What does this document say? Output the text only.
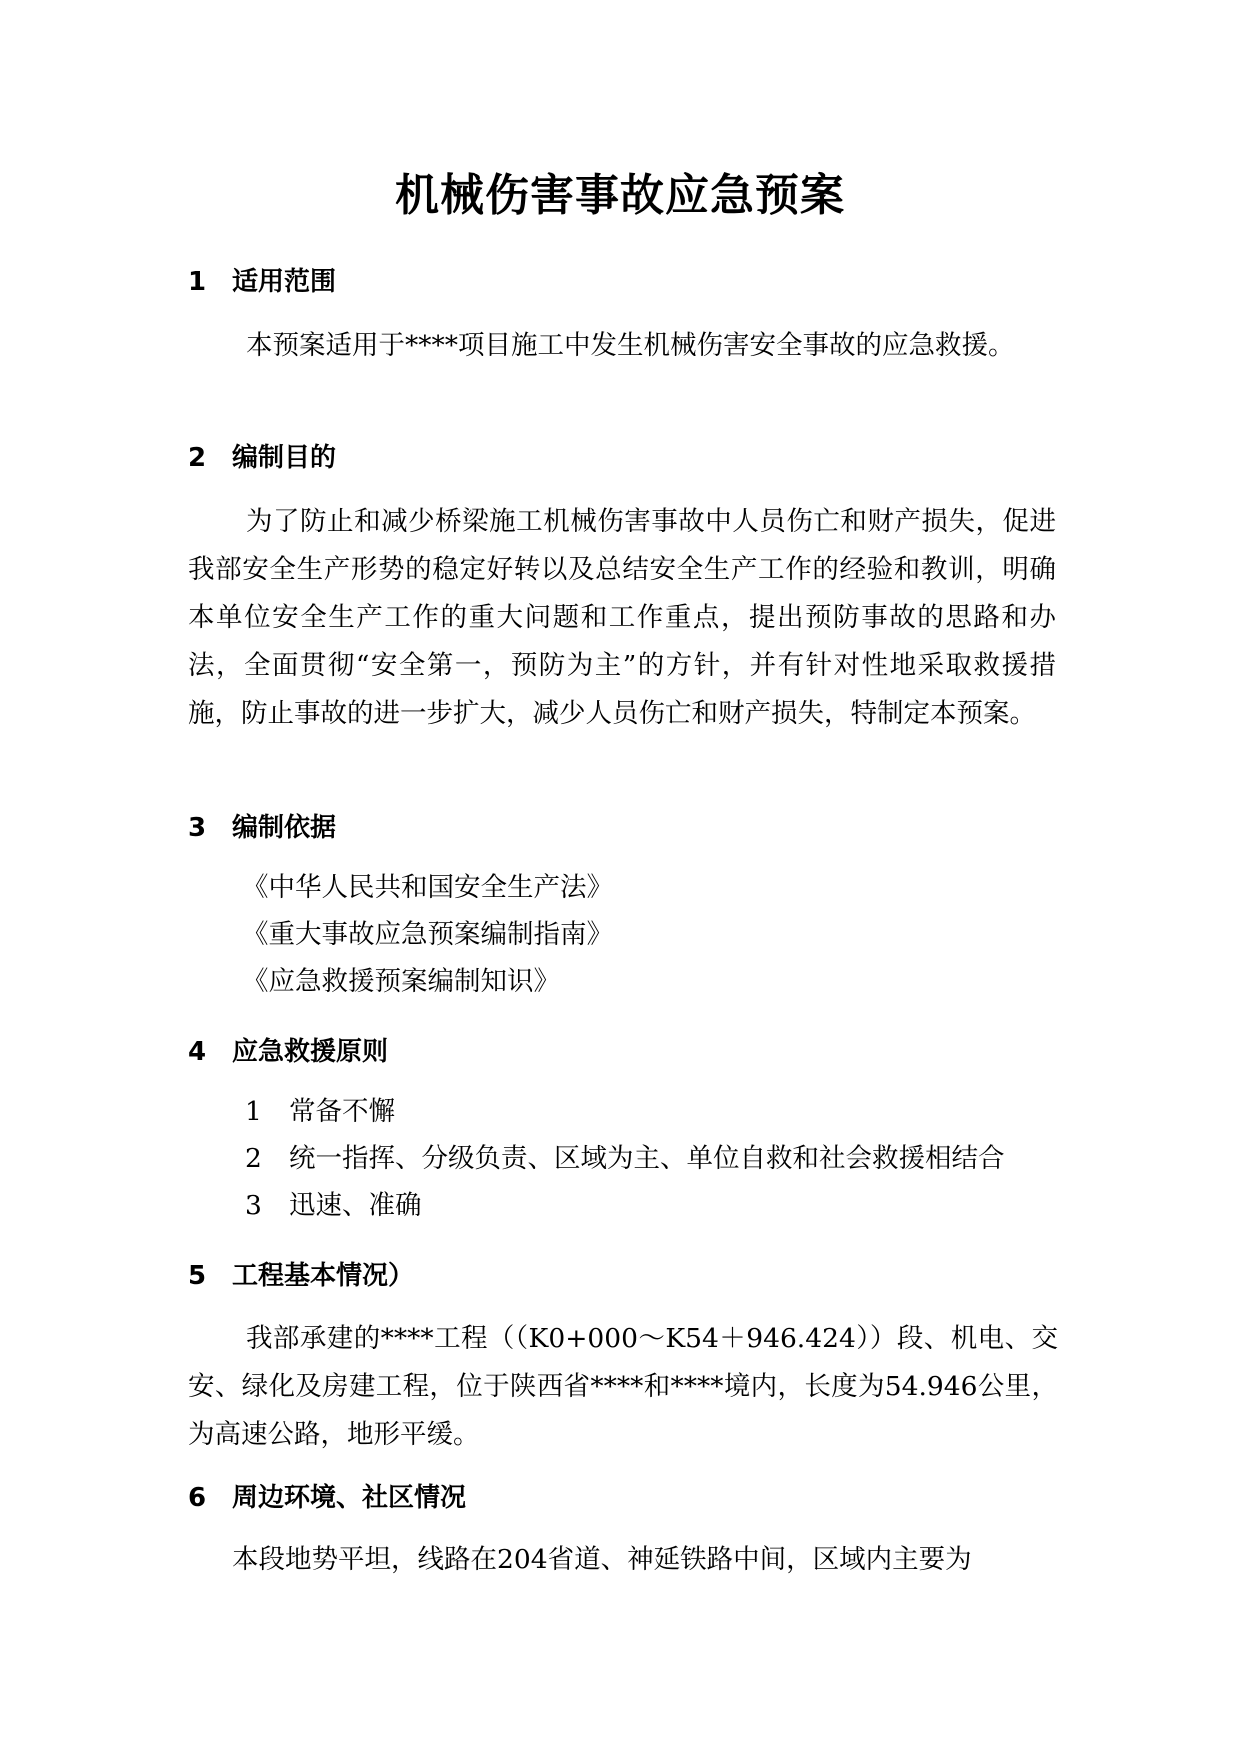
机械伤害事故应急预案
1 适用范围
本预案适用于****项目施工中发生机械伤害安全事故的应急救援。
2 编制目的
为了防止和减少桥梁施工机械伤害事故中人员伤亡和财产损失，促进我部安全生产形势的稳定好转以及总结安全生产工作的经验和教训，明确本单位安全生产工作的重大问题和工作重点，提出预防事故的思路和办法，全面贯彻“安全第一，预防为主”的方针，并有针对性地采取救援措施，防止事故的进一步扩大，减少人员伤亡和财产损失，特制定本预案。
3 编制依据
《中华人民共和国安全生产法》
《重大事故应急预案编制指南》
《应急救援预案编制知识》
4 应急救援原则
1 常备不懈
2 统一指挥、分级负责、区域为主、单位自救和社会救援相结合
3 迅速、准确
5 工程基本情况）
我部承建的****工程（（K0+000～K54＋946.424））段、机电、交安、绿化及房建工程，位于陕西省****和****境内，长度为54.946公里，为高速公路，地形平缓。
6 周边环境、社区情况
本段地势平坦，线路在204省道、神延铁路中间，区域内主要为
